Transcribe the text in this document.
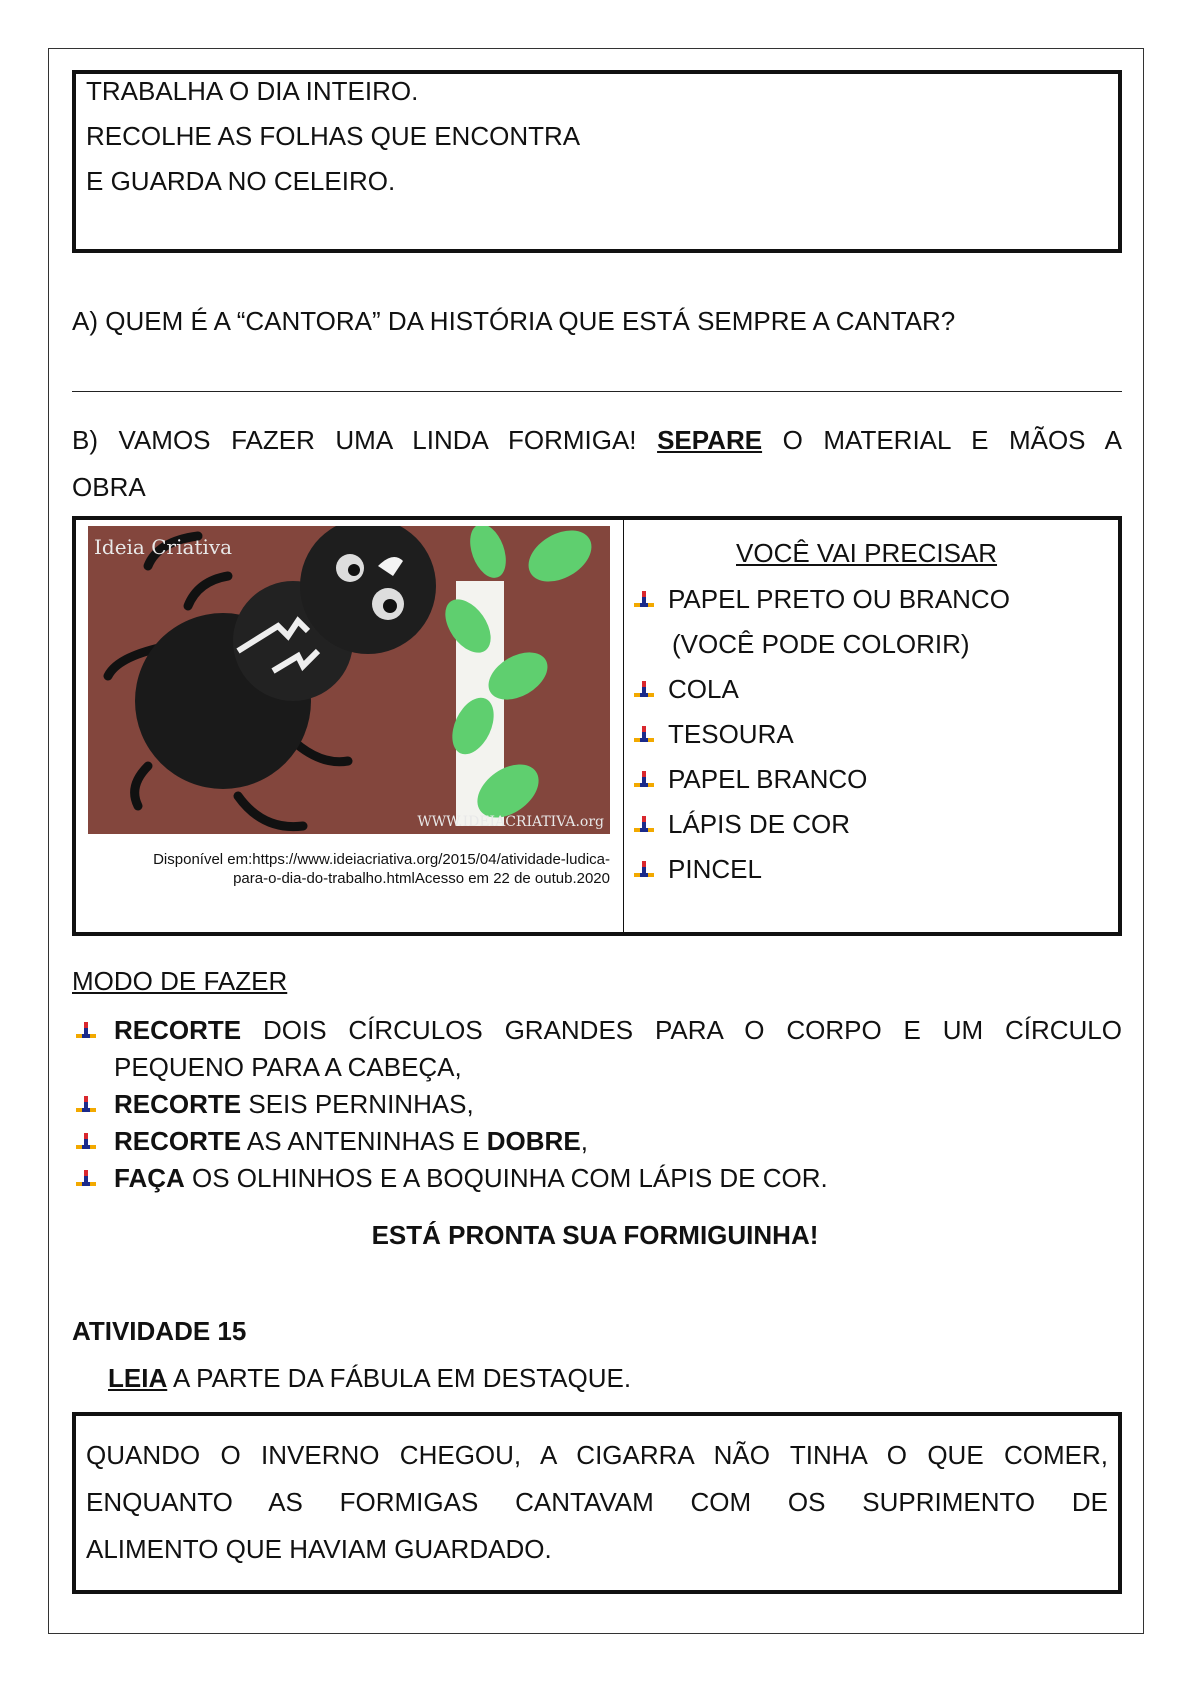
TRABALHA O DIA INTEIRO.
RECOLHE AS FOLHAS QUE ENCONTRA
E GUARDA NO CELEIRO.
A) QUEM É A “CANTORA” DA HISTÓRIA QUE ESTÁ SEMPRE A CANTAR?
B) VAMOS FAZER UMA LINDA FORMIGA! SEPARE O MATERIAL E MÃOS A
OBRA
Ideia Criativa
WWW.IDEIACRIATIVA.org
Disponível em:https://www.ideiacriativa.org/2015/04/atividade-ludica-
para-o-dia-do-trabalho.htmlAcesso em 22 de outub.2020
VOCÊ VAI PRECISAR
PAPEL PRETO OU BRANCO
(VOCÊ PODE COLORIR)
COLA
TESOURA
PAPEL BRANCO
LÁPIS DE COR
PINCEL
MODO DE FAZER
RECORTE DOIS CÍRCULOS GRANDES PARA O CORPO E UM CÍRCULO
PEQUENO PARA A CABEÇA,
RECORTE SEIS PERNINHAS,
RECORTE AS ANTENINHAS E DOBRE,
FAÇA OS OLHINHOS E A BOQUINHA COM LÁPIS DE COR.
ESTÁ PRONTA SUA FORMIGUINHA!
ATIVIDADE 15
LEIA A PARTE DA FÁBULA EM DESTAQUE.
QUANDO O INVERNO CHEGOU, A CIGARRA NÃO TINHA O QUE COMER,
ENQUANTO AS FORMIGAS CANTAVAM COM OS SUPRIMENTO DE
ALIMENTO QUE HAVIAM GUARDADO.
